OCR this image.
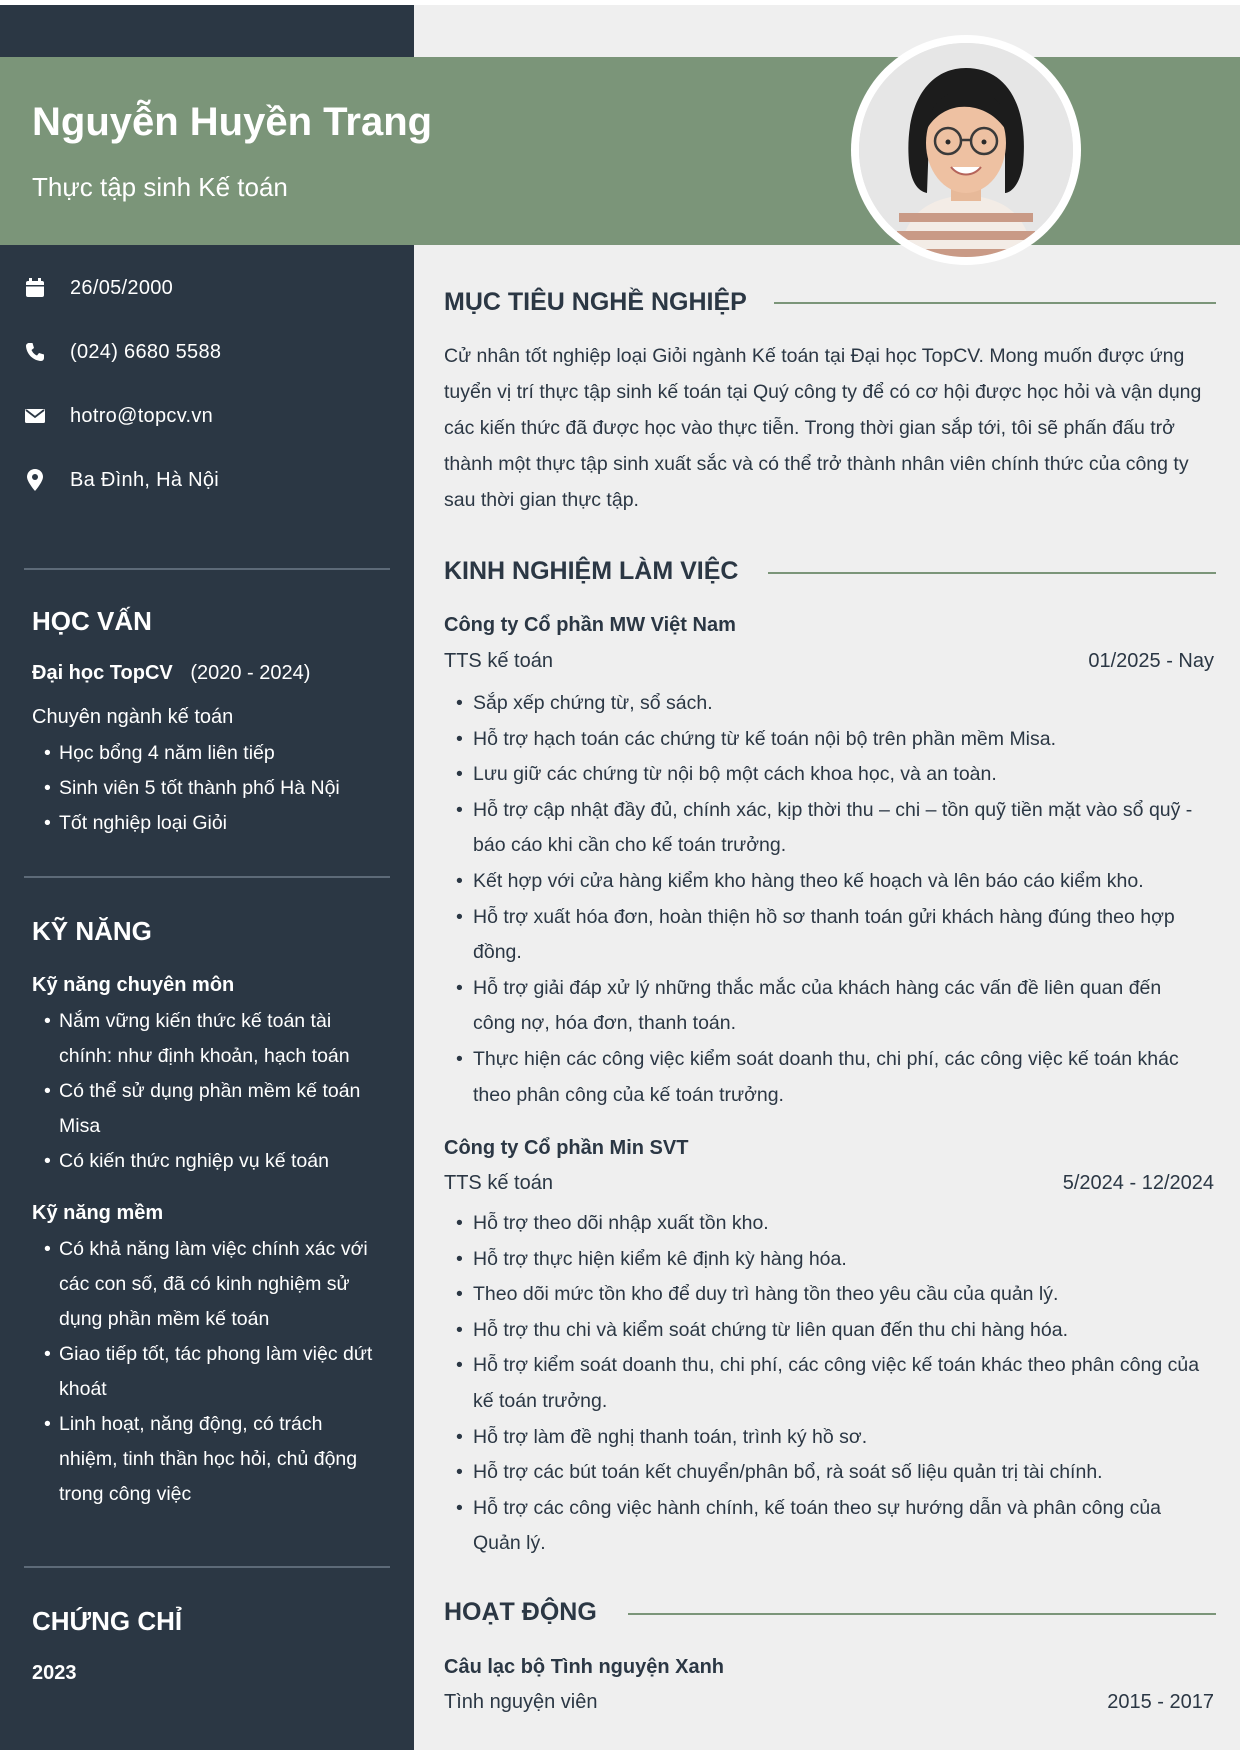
Nguyễn Huyền Trang
Thực tập sinh Kế toán
26/05/2000
(024) 6680 5588
hotro@topcv.vn
Ba Đình, Hà Nội
HỌC VẤN
Đại học TopCV (2020 - 2024)
Chuyên ngành kế toán
• Học bổng 4 năm liên tiếp
• Sinh viên 5 tốt thành phố Hà Nội
• Tốt nghiệp loại Giỏi
KỸ NĂNG
Kỹ năng chuyên môn
• Nắm vững kiến thức kế toán tài chính: như định khoản, hạch toán
• Có thể sử dụng phần mềm kế toán Misa
• Có kiến thức nghiệp vụ kế toán
Kỹ năng mềm
• Có khả năng làm việc chính xác với các con số, đã có kinh nghiệm sử dụng phần mềm kế toán
• Giao tiếp tốt, tác phong làm việc dứt khoát
• Linh hoạt, năng động, có trách nhiệm, tinh thần học hỏi, chủ động trong công việc
CHỨNG CHỈ
2023
MỤC TIÊU NGHỀ NGHIỆP

Cử nhân tốt nghiệp loại Giỏi ngành Kế toán tại Đại học TopCV. Mong muốn được ứng tuyển vị trí thực tập sinh kế toán tại Quý công ty để có cơ hội được học hỏi và vận dụng các kiến thức đã được học vào thực tiễn. Trong thời gian sắp tới, tôi sẽ phấn đấu trở thành một thực tập sinh xuất sắc và có thể trở thành nhân viên chính thức của công ty sau thời gian thực tập.

KINH NGHIỆM LÀM VIỆC
Công ty Cổ phần MW Việt Nam
TTS kế toán	01/2025 - Nay
• Sắp xếp chứng từ, sổ sách.
• Hỗ trợ hạch toán các chứng từ kế toán nội bộ trên phần mềm Misa.
• Lưu giữ các chứng từ nội bộ một cách khoa học, và an toàn.
• Hỗ trợ cập nhật đầy đủ, chính xác, kịp thời thu – chi – tồn quỹ tiền mặt vào sổ quỹ - báo cáo khi cần cho kế toán trưởng.
• Kết hợp với cửa hàng kiểm kho hàng theo kế hoạch và lên báo cáo kiểm kho.
• Hỗ trợ xuất hóa đơn, hoàn thiện hồ sơ thanh toán gửi khách hàng đúng theo hợp đồng.
• Hỗ trợ giải đáp xử lý những thắc mắc của khách hàng các vấn đề liên quan đến công nợ, hóa đơn, thanh toán.
• Thực hiện các công việc kiểm soát doanh thu, chi phí, các công việc kế toán khác theo phân công của kế toán trưởng.
Công ty Cổ phần Min SVT
TTS kế toán	5/2024 - 12/2024
• Hỗ trợ theo dõi nhập xuất tồn kho.
• Hỗ trợ thực hiện kiểm kê định kỳ hàng hóa.
• Theo dõi mức tồn kho để duy trì hàng tồn theo yêu cầu của quản lý.
• Hỗ trợ thu chi và kiểm soát chứng từ liên quan đến thu chi hàng hóa.
• Hỗ trợ kiểm soát doanh thu, chi phí, các công việc kế toán khác theo phân công của kế toán trưởng.
• Hỗ trợ làm đề nghị thanh toán, trình ký hồ sơ.
• Hỗ trợ các bút toán kết chuyển/phân bổ, rà soát số liệu quản trị tài chính.
• Hỗ trợ các công việc hành chính, kế toán theo sự hướng dẫn và phân công của Quản lý.
HOẠT ĐỘNG
Câu lạc bộ Tình nguyện Xanh
Tình nguyện viên	2015 - 2017
